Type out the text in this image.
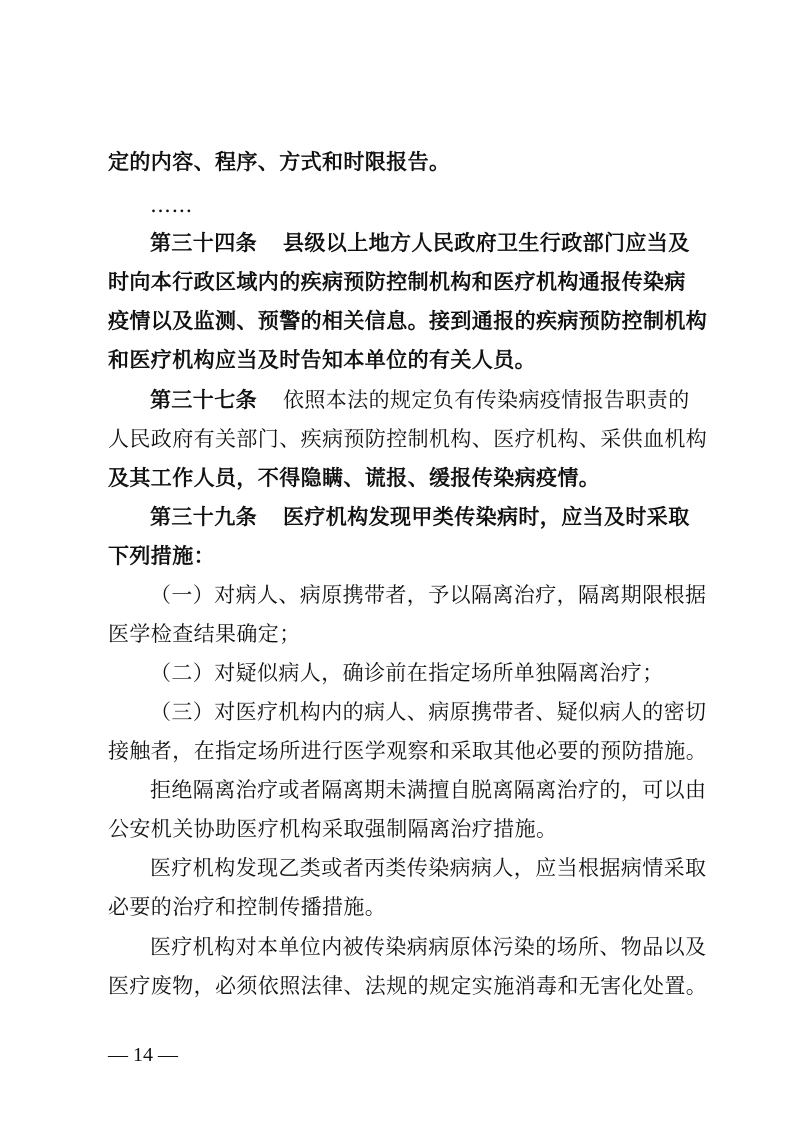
定的内容、程序、方式和时限报告。
……
第三十四条 县级以上地方人民政府卫生行政部门应当及
时向本行政区域内的疾病预防控制机构和医疗机构通报传染病
疫情以及监测、预警的相关信息。接到通报的疾病预防控制机构
和医疗机构应当及时告知本单位的有关人员。
第三十七条 依照本法的规定负有传染病疫情报告职责的
人民政府有关部门、疾病预防控制机构、医疗机构、采供血机构
及其工作人员，不得隐瞒、谎报、缓报传染病疫情。
第三十九条 医疗机构发现甲类传染病时，应当及时采取
下列措施：
（一）对病人、病原携带者，予以隔离治疗，隔离期限根据
医学检查结果确定；
（二）对疑似病人，确诊前在指定场所单独隔离治疗；
（三）对医疗机构内的病人、病原携带者、疑似病人的密切
接触者，在指定场所进行医学观察和采取其他必要的预防措施。
拒绝隔离治疗或者隔离期未满擅自脱离隔离治疗的，可以由
公安机关协助医疗机构采取强制隔离治疗措施。
医疗机构发现乙类或者丙类传染病病人，应当根据病情采取
必要的治疗和控制传播措施。
医疗机构对本单位内被传染病病原体污染的场所、物品以及
医疗废物，必须依照法律、法规的规定实施消毒和无害化处置。
— 14 —
